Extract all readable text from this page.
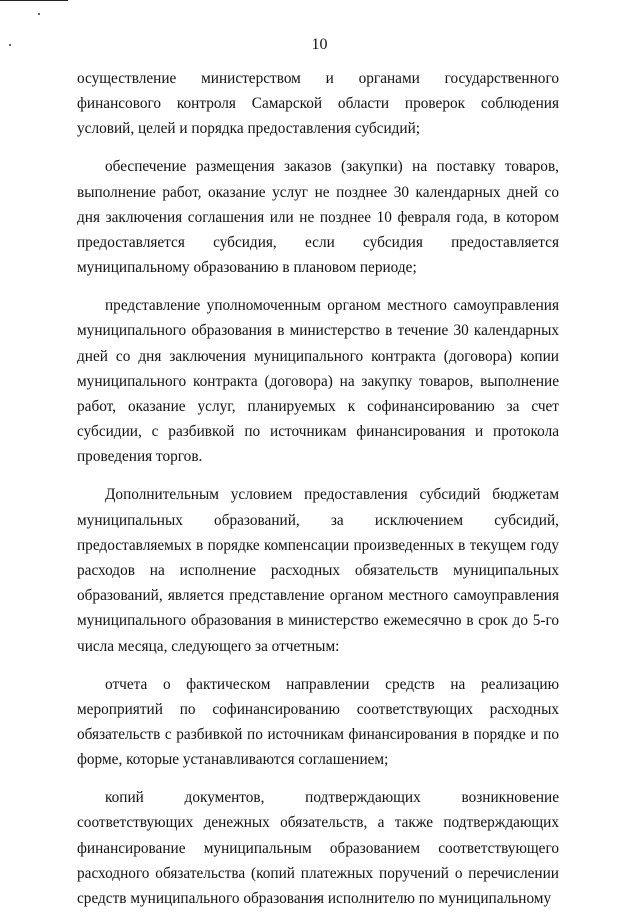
10

осуществление министерством и органами государственного финансового контроля Самарской области проверок соблюдения условий, целей и порядка предоставления субсидий;

обеспечение размещения заказов (закупки) на поставку товаров, выполнение работ, оказание услуг не позднее 30 календарных дней со дня заключения соглашения или не позднее 10 февраля года, в котором предоставляется субсидия, если субсидия предоставляется муниципальному образованию в плановом периоде;

представление уполномоченным органом местного самоуправления муниципального образования в министерство в течение 30 календарных дней со дня заключения муниципального контракта (договора) копии муниципального контракта (договора) на закупку товаров, выполнение работ, оказание услуг, планируемых к софинансированию за счет субсидии, с разбивкой по источникам финансирования и протокола проведения торгов.

Дополнительным условием предоставления субсидий бюджетам муниципальных образований, за исключением субсидий, предоставляемых в порядке компенсации произведенных в текущем году расходов на исполнение расходных обязательств муниципальных образований, является представление органом местного самоуправления муниципального образования в министерство ежемесячно в срок до 5-го числа месяца, следующего за отчетным:

отчета о фактическом направлении средств на реализацию мероприятий по софинансированию соответствующих расходных обязательств с разбивкой по источникам финансирования в порядке и по форме, которые устанавливаются соглашением;

копий документов, подтверждающих возникновение соответствующих денежных обязательств, а также подтверждающих финансирование муниципальным образованием соответствующего расходного обязательства (копий платежных поручений о перечислении средств муниципального образования исполнителю по муниципальному
